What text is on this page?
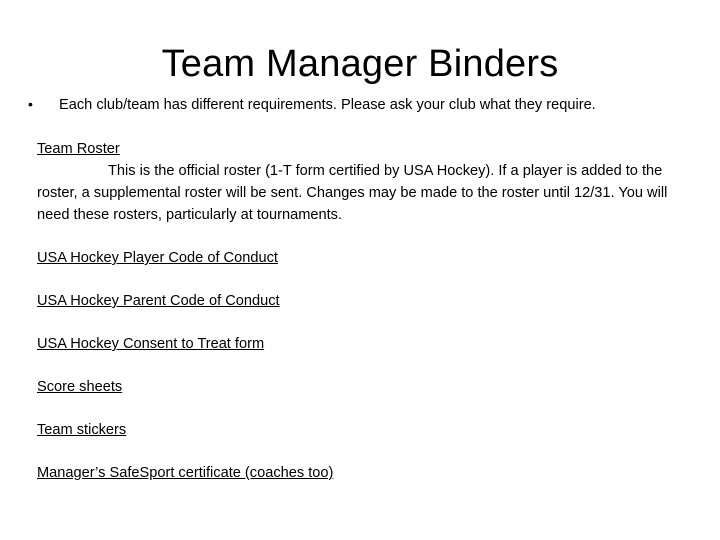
Team Manager Binders
• Each club/team has different requirements. Please ask your club what they require.
Team Roster

This is the official roster (1-T form certified by USA Hockey). If a player is added to the roster, a supplemental roster will be sent. Changes may be made to the roster until 12/31. You will need these rosters, particularly at tournaments.

USA Hockey Player Code of Conduct
USA Hockey Parent Code of Conduct
USA Hockey Consent to Treat form
Score sheets
Team stickers
Manager’s SafeSport certificate (coaches too)
